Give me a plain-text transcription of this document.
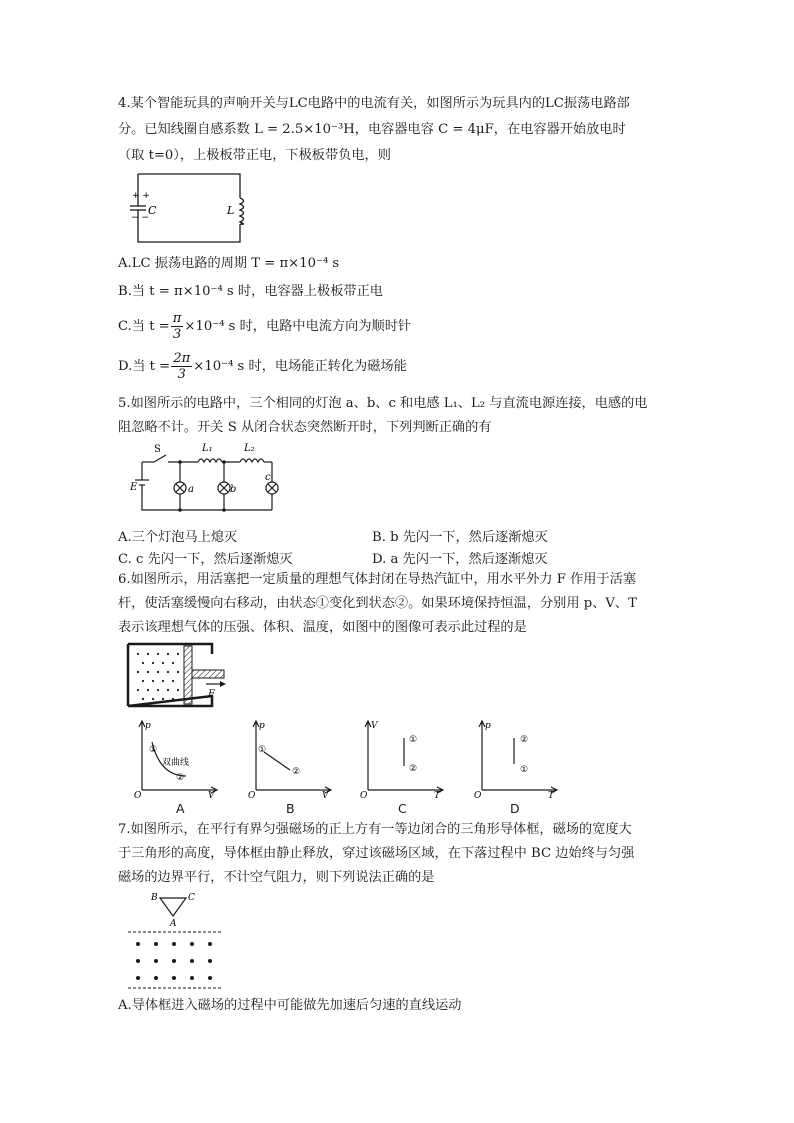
4.某个智能玩具的声响开关与LC电路中的电流有关，如图所示为玩具内的LC振荡电路部
分。已知线圈自感系数 L = 2.5×10⁻³H，电容器电容 C = 4μF，在电容器开始放电时
（取 t=0），上极板带正电，下极板带负电，则
+ +
− −
C	L
A.LC 振荡电路的周期 T = π×10⁻⁴ s
B.当 t = π×10⁻⁴ s 时，电容器上极板带正电
C.当 $t = \frac{\pi}{3} \times 10^{-4}$ s 时，电路中电流方向为顺时针
D.当 $t = \frac{2\pi}{3} \times 10^{-4}$ s 时，电场能正转化为磁场能
5.如图所示的电路中，三个相同的灯泡 a、b、c 和电感 L₁、L₂ 与直流电源连接，电感的电
阻忽略不计。开关 S 从闭合状态突然断开时，下列判断正确的有
S
E
L₁	L₂
a	b
c
A.三个灯泡马上熄灭	B. b 先闪一下，然后逐渐熄灭
C. c 先闪一下，然后逐渐熄灭	D. a 先闪一下，然后逐渐熄灭
6.如图所示，用活塞把一定质量的理想气体封闭在导热汽缸中，用水平外力 F 作用于活塞
杆，使活塞缓慢向右移动，由状态①变化到状态②。如果环境保持恒温，分别用 p、V、T
表示该理想气体的压强、体积、温度，如图中的图像可表示此过程的是
F
p
V
O
①
②
双曲线
A
p
V
O
①
②
B
V
T
O
①
②
C
p
T
O
②
①
D
7.如图所示，在平行有界匀强磁场的正上方有一等边闭合的三角形导体框，磁场的宽度大
于三角形的高度，导体框由静止释放，穿过该磁场区域，在下落过程中 BC 边始终与匀强
磁场的边界平行，不计空气阻力，则下列说法正确的是
B	C
A
A.导体框进入磁场的过程中可能做先加速后匀速的直线运动
